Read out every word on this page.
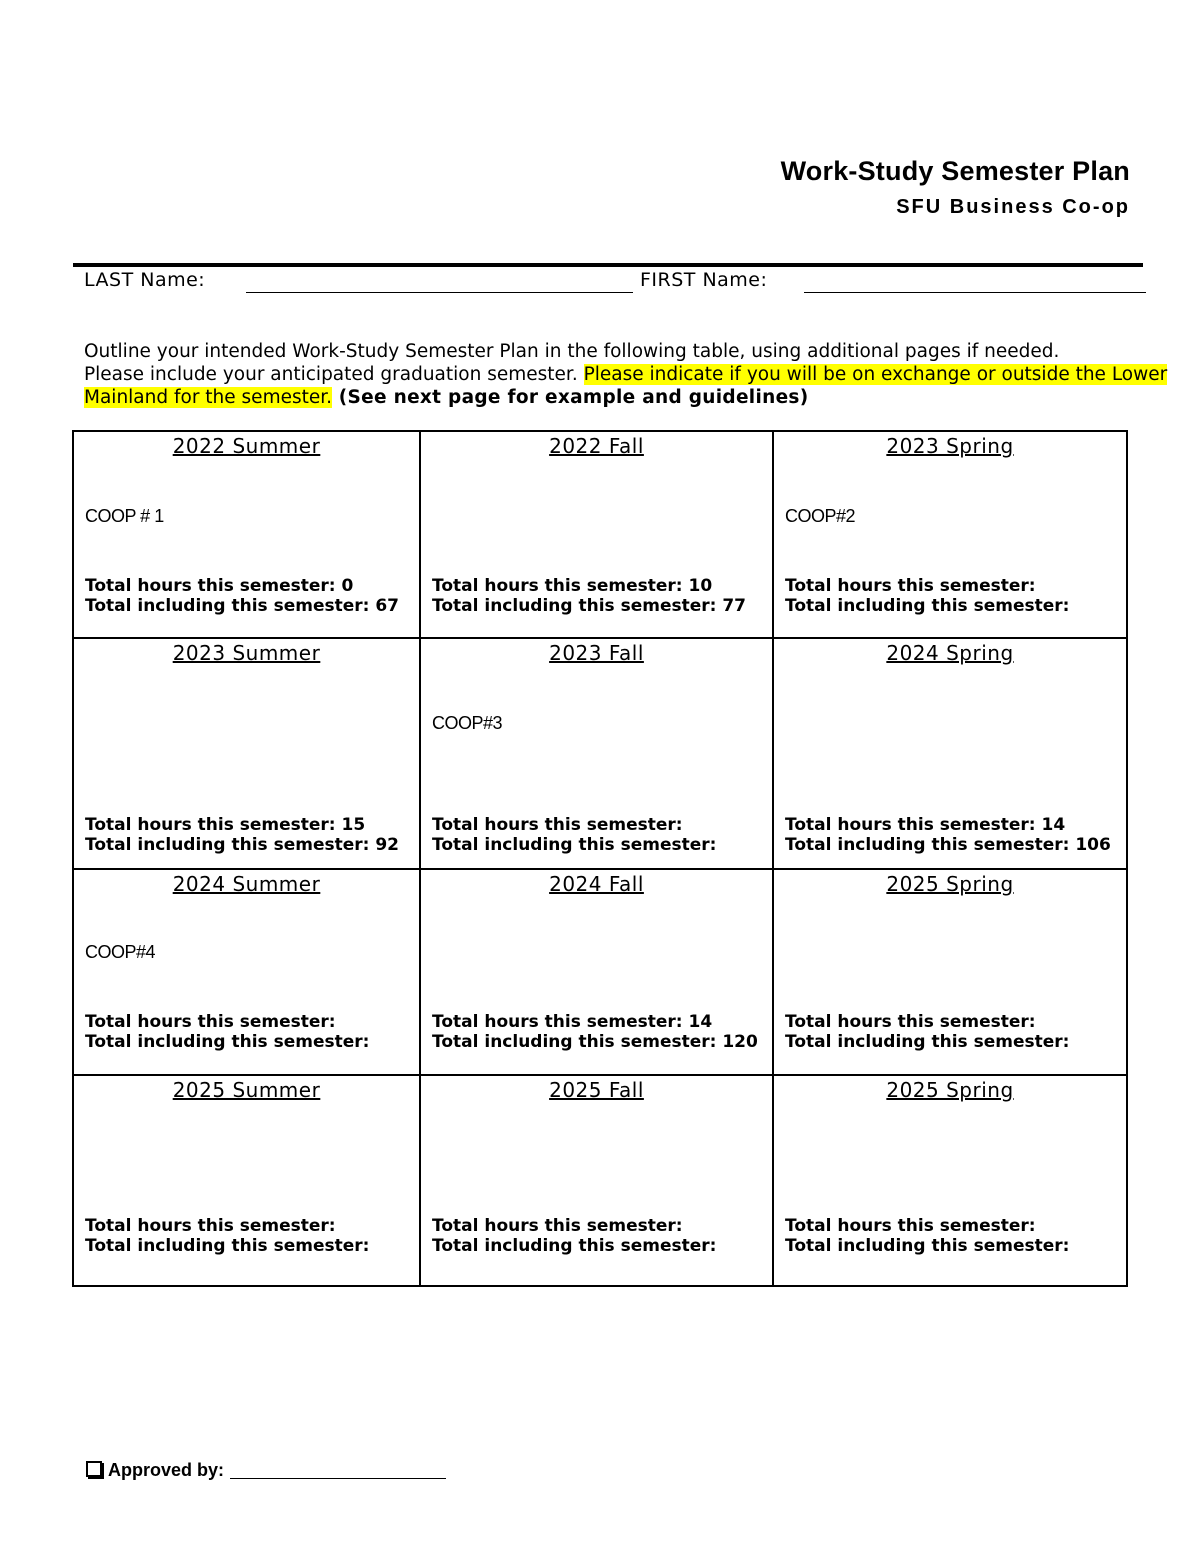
Work-Study Semester Plan
SFU Business Co-op
LAST Name:	FIRST Name:
Outline your intended Work-Study Semester Plan in the following table, using additional pages if needed.
Please include your anticipated graduation semester. Please indicate if you will be on exchange or outside the Lower Mainland for the semester. (See next page for example and guidelines)
2022 Summer
COOP # 1
Total hours this semester: 0
Total including this semester: 67
2022 Fall
Total hours this semester: 10
Total including this semester: 77
2023 Spring
COOP#2
Total hours this semester:
Total including this semester:
2023 Summer
Total hours this semester: 15
Total including this semester: 92
2023 Fall
COOP#3
Total hours this semester:
Total including this semester:
2024 Spring
Total hours this semester: 14
Total including this semester: 106
2024 Summer
COOP#4
Total hours this semester:
Total including this semester:
2024 Fall
Total hours this semester: 14
Total including this semester: 120
2025 Spring
Total hours this semester:
Total including this semester:
2025 Summer
Total hours this semester:
Total including this semester:
2025 Fall
Total hours this semester:
Total including this semester:
2025 Spring
Total hours this semester:
Total including this semester:
Approved by:
